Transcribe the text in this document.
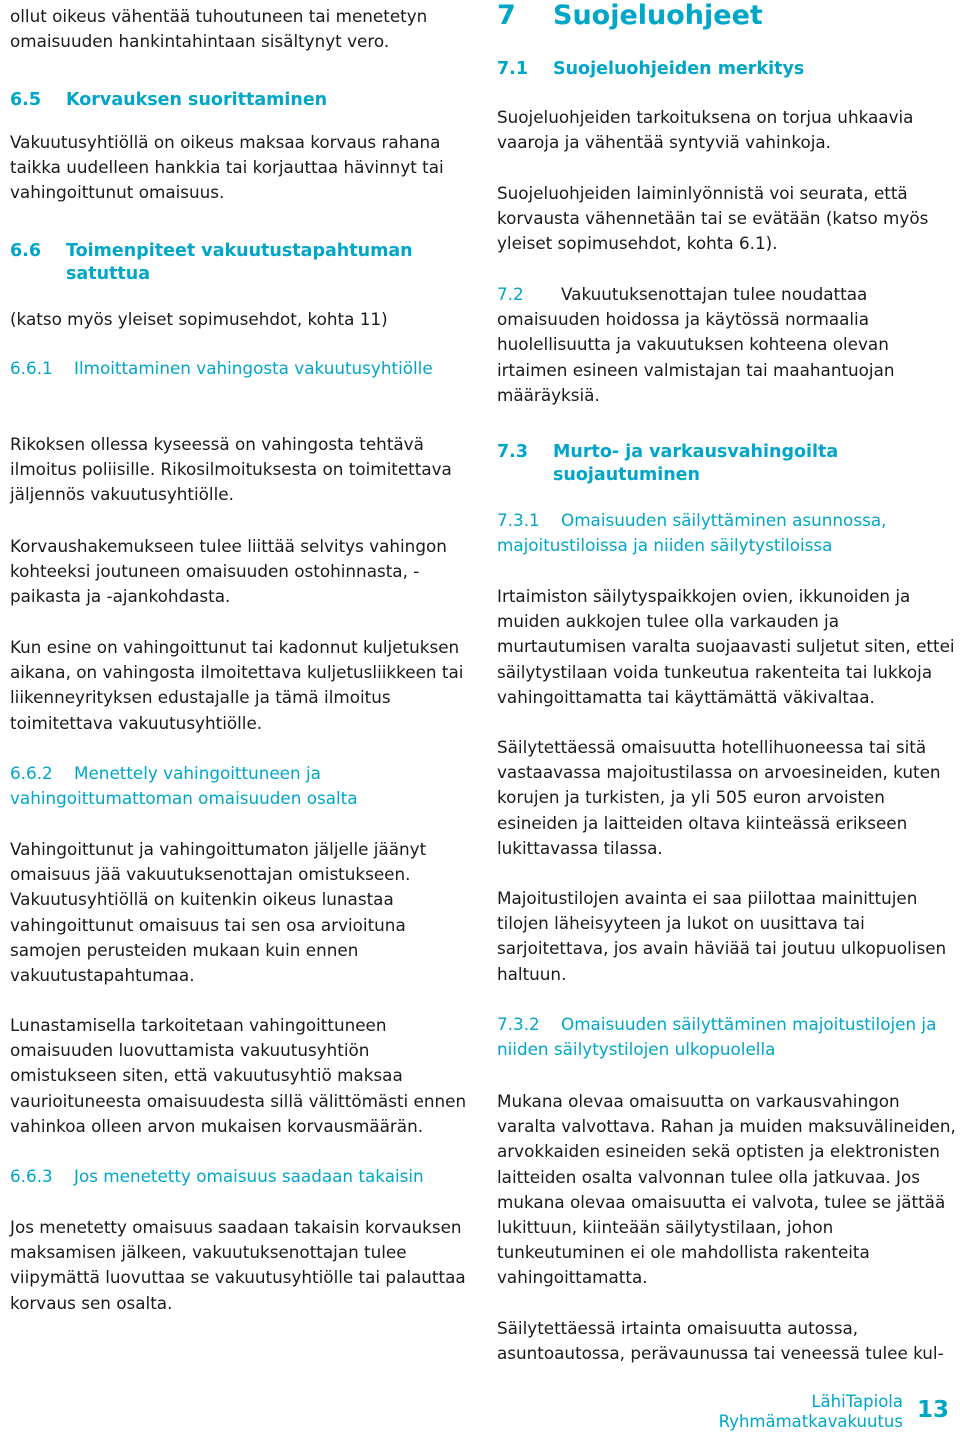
ollut oikeus vähentää tuhoutuneen tai menetetyn omaisuuden hankintahintaan sisältynyt vero.

6.5 Korvauksen suorittaminen

Vakuutusyhtiöllä on oikeus maksaa korvaus rahana taikka uudelleen hankkia tai korjauttaa hävinnyt tai vahingoittunut omaisuus.

6.6 Toimenpiteet vakuutustapahtuman satuttua

(katso myös yleiset sopimusehdot, kohta 11)

6.6.1 Ilmoittaminen vahingosta vakuutusyhtiölle

Rikoksen ollessa kyseessä on vahingosta tehtävä ilmoitus poliisille. Rikosilmoituksesta on toimitettava jäljennös vakuutusyhtiölle.

Korvaushakemukseen tulee liittää selvitys vahingon kohteeksi joutuneen omaisuuden ostohinnasta, -paikasta ja -ajankohdasta.

Kun esine on vahingoittunut tai kadonnut kuljetuksen aikana, on vahingosta ilmoitettava kuljetusliikkeen tai liikenneyrityksen edustajalle ja tämä ilmoitus toimitettava vakuutusyhtiölle.

6.6.2 Menettely vahingoittuneen ja vahingoittumattoman omaisuuden osalta

Vahingoittunut ja vahingoittumaton jäljelle jäänyt omaisuus jää vakuutuksenottajan omistukseen. Vakuutusyhtiöllä on kuitenkin oikeus lunastaa vahingoittunut omaisuus tai sen osa arvioituna samojen perusteiden mukaan kuin ennen vakuutustapahtumaa.

Lunastamisella tarkoitetaan vahingoittuneen omaisuuden luovuttamista vakuutusyhtiön omistukseen siten, että vakuutusyhtiö maksaa vaurioituneesta omaisuudesta sillä välittömästi ennen vahinkoa olleen arvon mukaisen korvausmäärän.

6.6.3 Jos menetetty omaisuus saadaan takaisin

Jos menetetty omaisuus saadaan takaisin korvauksen maksamisen jälkeen, vakuutuksenottajan tulee viipymättä luovuttaa se vakuutusyhtiölle tai palauttaa korvaus sen osalta.

7 Suojeluohjeet
7.1 Suojeluohjeiden merkitys

Suojeluohjeiden tarkoituksena on torjua uhkaavia vaaroja ja vähentää syntyviä vahinkoja.

Suojeluohjeiden laiminlyönnistä voi seurata, että korvausta vähennetään tai se evätään (katso myös yleiset sopimusehdot, kohta 6.1).

7.2 Vakuutuksenottajan tulee noudattaa omaisuuden hoidossa ja käytössä normaalia huolellisuutta ja vakuutuksen kohteena olevan irtaimen esineen valmistajan tai maahantuojan määräyksiä.

7.3 Murto- ja varkausvahingoilta suojautuminen
7.3.1 Omaisuuden säilyttäminen asunnossa, majoitustiloissa ja niiden säilytystiloissa

Irtaimiston säilytyspaikkojen ovien, ikkunoiden ja muiden aukkojen tulee olla varkauden ja murtautumisen varalta suojaavasti suljetut siten, ettei säilytystilaan voida tunkeutua rakenteita tai lukkoja vahingoittamatta tai käyttämättä väkivaltaa.

Säilytettäessä omaisuutta hotellihuoneessa tai sitä vastaavassa majoitustilassa on arvoesineiden, kuten korujen ja turkisten, ja yli 505 euron arvoisten esineiden ja laitteiden oltava kiinteässä erikseen lukittavassa tilassa.

Majoitustilojen avainta ei saa piilottaa mainittujen tilojen läheisyyteen ja lukot on uusittava tai sarjoitettava, jos avain häviää tai joutuu ulkopuolisen haltuun.

7.3.2 Omaisuuden säilyttäminen majoitustilojen ja niiden säilytystilojen ulkopuolella

Mukana olevaa omaisuutta on varkausvahingon varalta valvottava. Rahan ja muiden maksuvälineiden, arvokkaiden esineiden sekä optisten ja elektronisten laitteiden osalta valvonnan tulee olla jatkuvaa. Jos mukana olevaa omaisuutta ei valvota, tulee se jättää lukittuun, kiinteään säilytystilaan, johon tunkeutuminen ei ole mahdollista rakenteita vahingoittamatta.

Säilytettäessä irtainta omaisuutta autossa, asuntoautossa, perävaunussa tai veneessä tulee kul-

LähiTapiola
Ryhmämatkavakuutus 13
